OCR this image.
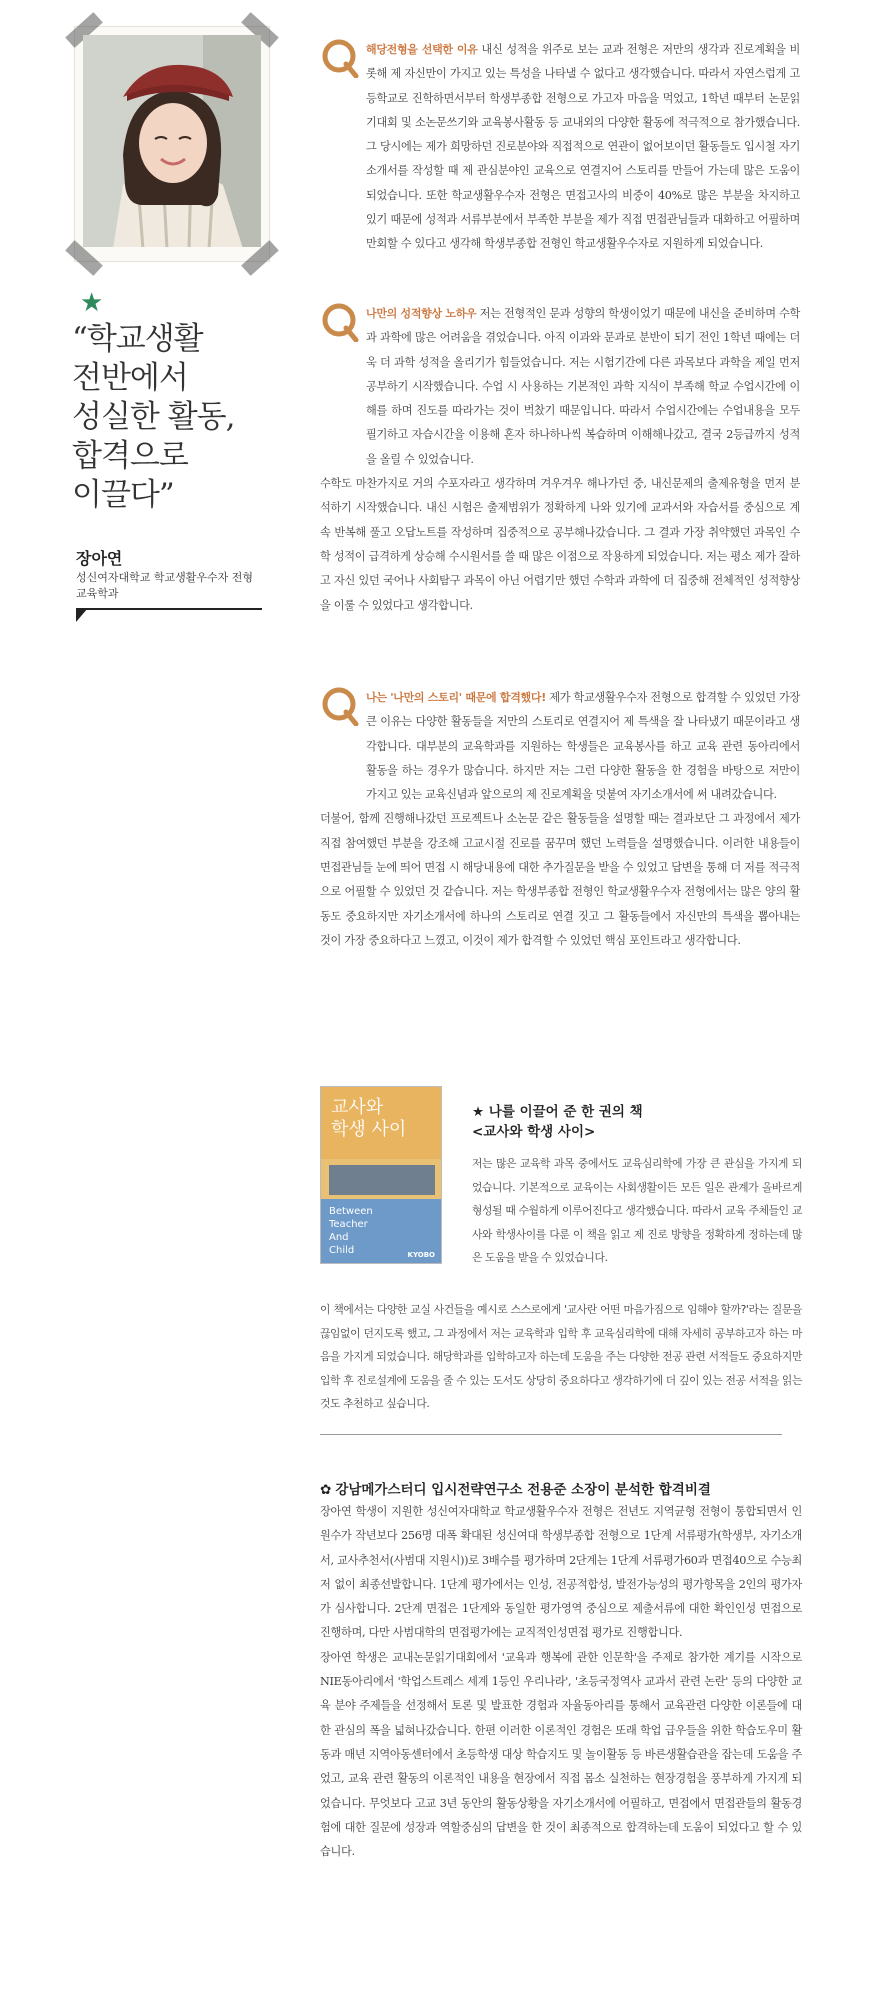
★
“학교생활
전반에서
성실한 활동,
합격으로
이끌다”
장아연
성신여자대학교 학교생활우수자 전형
교육학과
해당전형을 선택한 이유 내신 성적을 위주로 보는 교과 전형은 저만의 생각과 진로계획을 비롯해 제 자신만이 가지고 있는 특성을 나타낼 수 없다고 생각했습니다. 따라서 자연스럽게 고등학교로 진학하면서부터 학생부종합 전형으로 가고자 마음을 먹었고, 1학년 때부터 논문읽기대회 및 소논문쓰기와 교육봉사활동 등 교내외의 다양한 활동에 적극적으로 참가했습니다. 그 당시에는 제가 희망하던 진로분야와 직접적으로 연관이 없어보이던 활동들도 입시철 자기소개서를 작성할 때 제 관심분야인 교육으로 연결지어 스토리를 만들어 가는데 많은 도움이 되었습니다. 또한 학교생활우수자 전형은 면접고사의 비중이 40%로 많은 부분을 차지하고 있기 때문에 성적과 서류부분에서 부족한 부분을 제가 직접 면접관님들과 대화하고 어필하며 만회할 수 있다고 생각해 학생부종합 전형인 학교생활우수자로 지원하게 되었습니다.
나만의 성적향상 노하우 저는 전형적인 문과 성향의 학생이었기 때문에 내신을 준비하며 수학과 과학에 많은 어려움을 겪었습니다. 아직 이과와 문과로 분반이 되기 전인 1학년 때에는 더욱 더 과학 성적을 올리기가 힘들었습니다. 저는 시험기간에 다른 과목보다 과학을 제일 먼저 공부하기 시작했습니다. 수업 시 사용하는 기본적인 과학 지식이 부족해 학교 수업시간에 이해를 하며 진도를 따라가는 것이 벅찼기 때문입니다. 따라서 수업시간에는 수업내용을 모두 필기하고 자습시간을 이용해 혼자 하나하나씩 복습하며 이해해나갔고, 결국 2등급까지 성적을 올릴 수 있었습니다.
수학도 마찬가지로 거의 수포자라고 생각하며 겨우겨우 해나가던 중, 내신문제의 출제유형을 먼저 분석하기 시작했습니다. 내신 시험은 출제범위가 정확하게 나와 있기에 교과서와 자습서를 중심으로 계속 반복해 풀고 오답노트를 작성하며 집중적으로 공부해나갔습니다. 그 결과 가장 취약했던 과목인 수학 성적이 급격하게 상승해 수시원서를 쓸 때 많은 이점으로 작용하게 되었습니다. 저는 평소 제가 잘하고 자신 있던 국어나 사회탐구 과목이 아닌 어렵기만 했던 수학과 과학에 더 집중해 전체적인 성적향상을 이룰 수 있었다고 생각합니다.
나는 '나만의 스토리' 때문에 합격했다! 제가 학교생활우수자 전형으로 합격할 수 있었던 가장 큰 이유는 다양한 활동들을 저만의 스토리로 연결지어 제 특색을 잘 나타냈기 때문이라고 생각합니다. 대부분의 교육학과를 지원하는 학생들은 교육봉사를 하고 교육 관련 동아리에서 활동을 하는 경우가 많습니다. 하지만 저는 그런 다양한 활동을 한 경험을 바탕으로 저만이 가지고 있는 교육신념과 앞으로의 제 진로계획을 덧붙여 자기소개서에 써 내려갔습니다.
더불어, 함께 진행해나갔던 프로젝트나 소논문 같은 활동들을 설명할 때는 결과보단 그 과정에서 제가 직접 참여했던 부분을 강조해 고교시절 진로를 꿈꾸며 했던 노력들을 설명했습니다. 이러한 내용들이 면접관님들 눈에 띄어 면접 시 해당내용에 대한 추가질문을 받을 수 있었고 답변을 통해 더 저를 적극적으로 어필할 수 있었던 것 같습니다. 저는 학생부종합 전형인 학교생활우수자 전형에서는 많은 양의 활동도 중요하지만 자기소개서에 하나의 스토리로 연결 짓고 그 활동들에서 자신만의 특색을 뽑아내는 것이 가장 중요하다고 느꼈고, 이것이 제가 합격할 수 있었던 핵심 포인트라고 생각합니다.
교사와
학생 사이
Between
Teacher
And
Child	KYOBO
★ 나를 이끌어 준 한 권의 책
<교사와 학생 사이>
저는 많은 교육학 과목 중에서도 교육심리학에 가장 큰 관심을 가지게 되었습니다. 기본적으로 교육이는 사회생활이든 모든 일은 관계가 올바르게 형성될 때 수월하게 이루어진다고 생각했습니다. 따라서 교육 주체들인 교사와 학생사이를 다룬 이 책을 읽고 제 진로 방향을 정확하게 정하는데 많은 도움을 받을 수 있었습니다.
이 책에서는 다양한 교실 사건들을 예시로 스스로에게 '교사란 어떤 마음가짐으로 임해야 할까?'라는 질문을 끊임없이 던지도록 했고, 그 과정에서 저는 교육학과 입학 후 교육심리학에 대해 자세히 공부하고자 하는 마음을 가지게 되었습니다. 해당학과를 입학하고자 하는데 도움을 주는 다양한 전공 관련 서적들도 중요하지만 입학 후 진로설계에 도움을 줄 수 있는 도서도 상당히 중요하다고 생각하기에 더 깊이 있는 전공 서적을 읽는 것도 추천하고 싶습니다.
✿ 강남메가스터디 입시전략연구소 전용준 소장이 분석한 합격비결
장아연 학생이 지원한 성신여자대학교 학교생활우수자 전형은 전년도 지역균형 전형이 통합되면서 인원수가 작년보다 256명 대폭 확대된 성신여대 학생부종합 전형으로 1단계 서류평가(학생부, 자기소개서, 교사추천서(사범대 지원시))로 3배수를 평가하며 2단계는 1단계 서류평가60과 면접40으로 수능최저 없이 최종선발합니다. 1단계 평가에서는 인성, 전공적합성, 발전가능성의 평가항목을 2인의 평가자가 심사합니다. 2단계 면접은 1단계와 동일한 평가영역 중심으로 제출서류에 대한 확인인성 면접으로 진행하며, 다만 사범대학의 면접평가에는 교직적인성면접 평가로 진행합니다.
장아연 학생은 교내논문읽기대회에서 '교육과 행복에 관한 인문학'을 주제로 참가한 계기를 시작으로 NIE동아리에서 '학업스트레스 세계 1등인 우리나라', '초등국정역사 교과서 관련 논란' 등의 다양한 교육 분야 주제들을 선정해서 토론 및 발표한 경험과 자율동아리를 통해서 교육관련 다양한 이론들에 대한 관심의 폭을 넓혀나갔습니다. 한편 이러한 이론적인 경험은 또래 학업 급우들을 위한 학습도우미 활동과 매년 지역아동센터에서 초등학생 대상 학습지도 및 놀이활동 등 바른생활습관을 잡는데 도움을 주었고, 교육 관련 활동의 이론적인 내용을 현장에서 직접 몸소 실천하는 현장경험을 풍부하게 가지게 되었습니다. 무엇보다 고교 3년 동안의 활동상황을 자기소개서에 어필하고, 면접에서 면접관들의 활동경험에 대한 질문에 성장과 역할중심의 답변을 한 것이 최종적으로 합격하는데 도움이 되었다고 할 수 있습니다.
